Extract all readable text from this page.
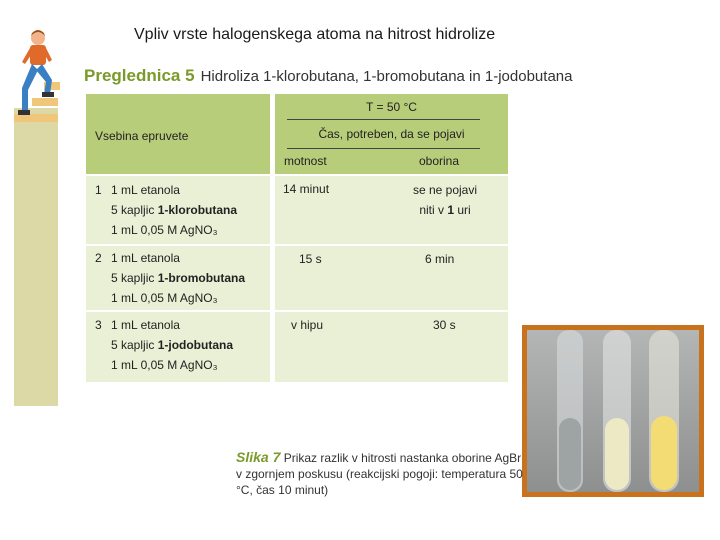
Vpliv vrste halogenskega atoma na hitrost hidrolize
Preglednica 5 Hidroliza 1-klorobutana, 1-bromobutana in 1-jodobutana
Vsebina epruvete
T = 50 °C
Čas, potreben, da se pojavi
motnost	oborina
1 1 mL etanola
5 kapljic 1-klorobutana
1 mL 0,05 M AgNO₃
14 minut	se ne pojavi
niti v 1 uri
2 1 mL etanola
5 kapljic 1-bromobutana
1 mL 0,05 M AgNO₃
15 s	6 min
3 1 mL etanola
5 kapljic 1-jodobutana
1 mL 0,05 M AgNO₃
v hipu	30 s
Slika 7 Prikaz razlik v hitrosti nastanka oborine AgBr v zgornjem poskusu (reakcijski pogoji: temperatura 50 °C, čas 10 minut)
